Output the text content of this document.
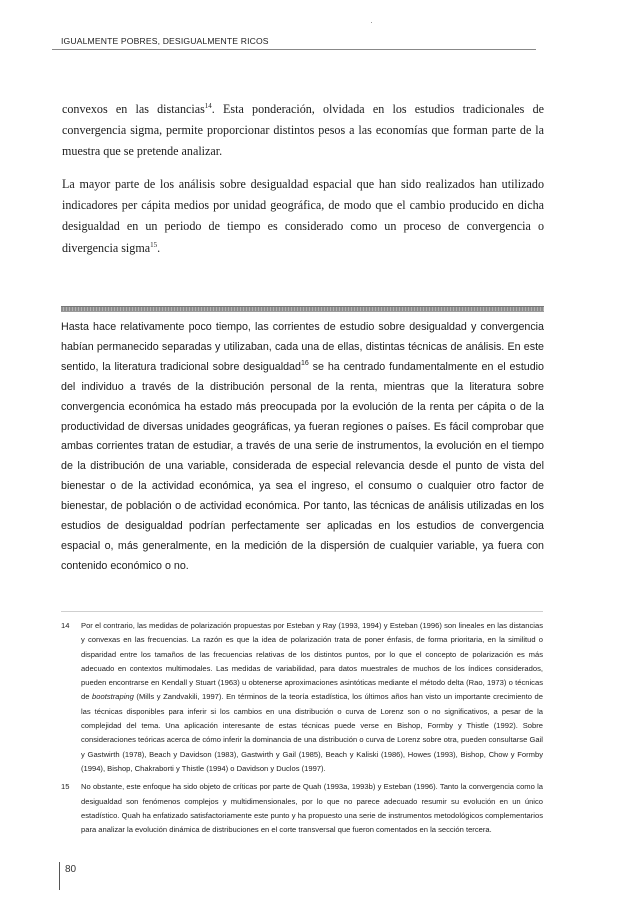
IGUALMENTE POBRES, DESIGUALMENTE RICOS

convexos en las distancias$^{14}$. Esta ponderación, olvidada en los estudios tradicionales de convergencia sigma, permite proporcionar distintos pesos a las economías que forman parte de la muestra que se pretende analizar.

La mayor parte de los análisis sobre desigualdad espacial que han sido realizados han utilizado indicadores per cápita medios por unidad geográfica, de modo que el cambio producido en dicha desigualdad en un periodo de tiempo es considerado como un proceso de convergencia o divergencia sigma$^{15}$.

Hasta hace relativamente poco tiempo, las corrientes de estudio sobre desigualdad y convergencia habían permanecido separadas y utilizaban, cada una de ellas, distintas técnicas de análisis. En este sentido, la literatura tradicional sobre desigualdad$^{16}$ se ha centrado fundamentalmente en el estudio del individuo a través de la distribución personal de la renta, mientras que la literatura sobre convergencia económica ha estado más preocupada por la evolución de la renta per cápita o de la productividad de diversas unidades geográficas, ya fueran regiones o países. Es fácil comprobar que ambas corrientes tratan de estudiar, a través de una serie de instrumentos, la evolución en el tiempo de la distribución de una variable, considerada de especial relevancia desde el punto de vista del bienestar o de la actividad económica, ya sea el ingreso, el consumo o cualquier otro factor de bienestar, de población o de actividad económica. Por tanto, las técnicas de análisis utilizadas en los estudios de desigualdad podrían perfectamente ser aplicadas en los estudios de convergencia espacial o, más generalmente, en la medición de la dispersión de cualquier variable, ya fuera con contenido económico o no.

14 Por el contrario, las medidas de polarización propuestas por Esteban y Ray (1993, 1994) y Esteban (1996) son lineales en las distancias y convexas en las frecuencias. La razón es que la idea de polarización trata de poner énfasis, de forma prioritaria, en la similitud o disparidad entre los tamaños de las frecuencias relativas de los distintos puntos, por lo que el concepto de polarización es más adecuado en contextos multimodales. Las medidas de variabilidad, para datos muestrales de muchos de los índices considerados, pueden encontrarse en Kendall y Stuart (1963) u obtenerse aproximaciones asintóticas mediante el método delta (Rao, 1973) o técnicas de bootstraping (Mills y Zandvakili, 1997). En términos de la teoría estadística, los últimos años han visto un importante crecimiento de las técnicas disponibles para inferir si los cambios en una distribución o curva de Lorenz son o no significativos, a pesar de la complejidad del tema. Una aplicación interesante de estas técnicas puede verse en Bishop, Formby y Thistle (1992). Sobre consideraciones teóricas acerca de cómo inferir la dominancia de una distribución o curva de Lorenz sobre otra, pueden consultarse Gail y Gastwirth (1978), Beach y Davidson (1983), Gastwirth y Gail (1985), Beach y Kaliski (1986), Howes (1993), Bishop, Chow y Formby (1994), Bishop, Chakraborti y Thistle (1994) o Davidson y Duclos (1997).
15 No obstante, este enfoque ha sido objeto de críticas por parte de Quah (1993a, 1993b) y Esteban (1996). Tanto la convergencia como la desigualdad son fenómenos complejos y multidimensionales, por lo que no parece adecuado resumir su evolución en un único estadístico. Quah ha enfatizado satisfactoriamente este punto y ha propuesto una serie de instrumentos metodológicos complementarios para analizar la evolución dinámica de distribuciones en el corte transversal que fueron comentados en la sección tercera.
80
